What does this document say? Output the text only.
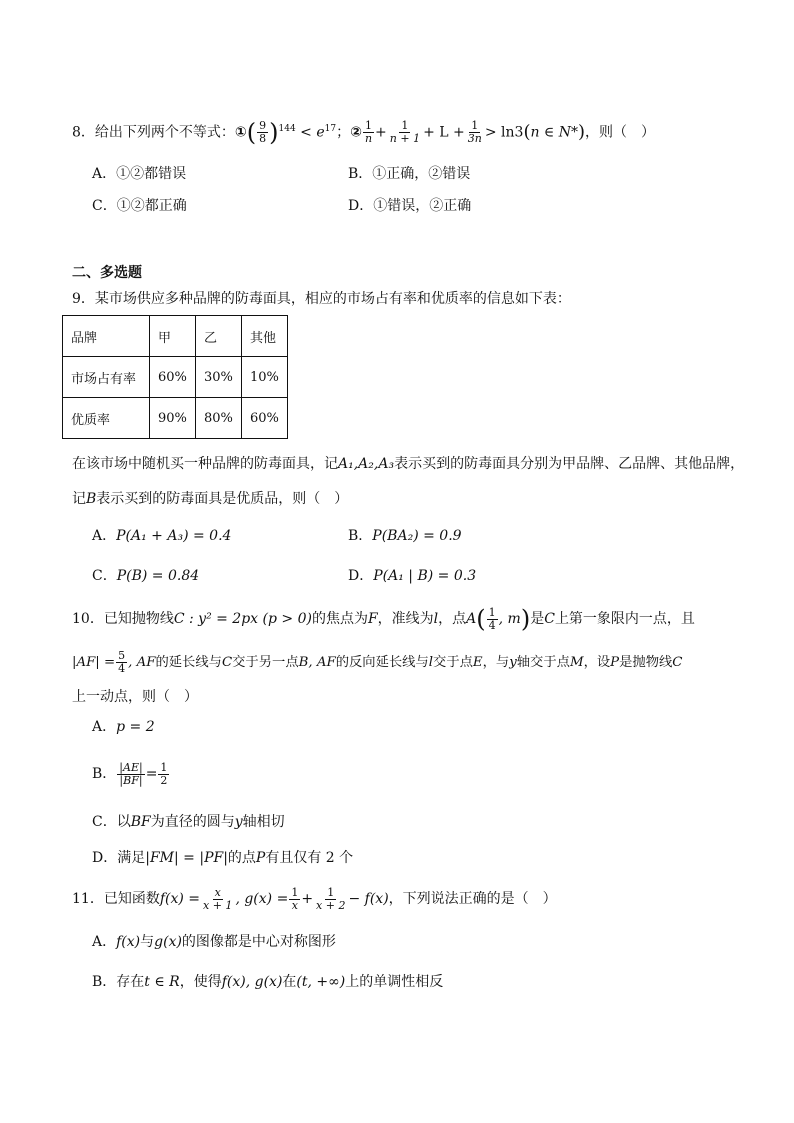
8．给出下列两个不等式：①( $\frac{9}{8} )^{144} < e^{17}$；② $\frac{1}{n} + \frac{1}{n + 1} + L + \frac{1}{3n} > \ln 3(n$ ∈ N*)，则（　）
A．①②都错误	B．①正确，②错误
C．①②都正确	D．①错误，②正确
二、多选题
9．某市场供应多种品牌的防毒面具，相应的市场占有率和优质率的信息如下表：
品牌	甲	乙	其他
市场占有率	60%	30%	10%
优质率	90%	80%	60%
在该市场中随机买一种品牌的防毒面具，记A₁,A₂,A₃表示买到的防毒面具分别为甲品牌、乙品牌、其他品牌，
记B表示买到的防毒面具是优质品，则（　）
A．P(A₁ + A₃) = 0.4	B．P(BA₂) = 0.9
C．P(B) = 0.84	D．P(A₁ | B) = 0.3
10．已知抛物线C : y² = 2px (p > 0)的焦点为F，准线为l，点$A( \frac{1}{4}$ , m)是C上第一象限内一点，且
$|AF| = \frac{5}{4}$ , AF的延长线与C交于另一点B, AF的反向延长线与l交于点E，与y轴交于点M，设P是抛物线C
上一动点，则（　）
A．p = 2
B． $\frac{|AE|}{|BF|} = \frac{1}{2}$
C．以BF为直径的圆与y轴相切
D．满足|FM| = |PF|的点P有且仅有 2 个
11．已知函数$f(x) = \frac{x}{x + 1}$ , $g(x) = \frac{1}{x} + \frac{1}{x + 2} - f(x)$，下列说法正确的是（　）
A．f(x)与g(x)的图像都是中心对称图形
B．存在t ∈ R，使得f(x), g(x)在(t, +∞)上的单调性相反
